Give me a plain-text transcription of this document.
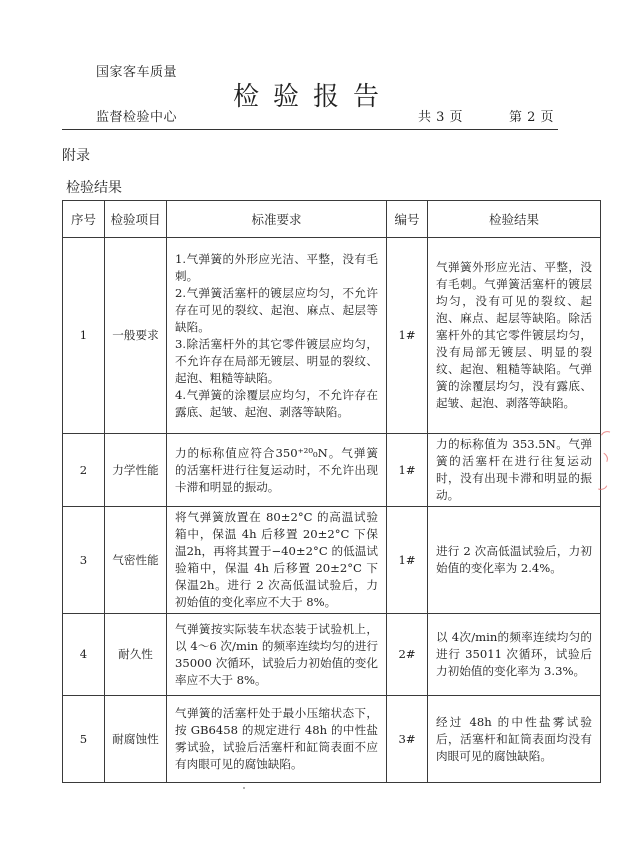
国家客车质量
检验报告
监督检验中心	共 3 页	第 2 页
附录
检验结果
序号	检验项目	标准要求	编号	检验结果
1	一般要求	1.气弹簧的外形应光洁、平整，没有毛刺。
2.气弹簧活塞杆的镀层应均匀，不允许存在可见的裂纹、起泡、麻点、起层等缺陷。
3.除活塞杆外的其它零件镀层应均匀，不允许存在局部无镀层、明显的裂纹、起泡、粗糙等缺陷。
4.气弹簧的涂覆层应均匀，不允许存在露底、起皱、起泡、剥落等缺陷。	1#	气弹簧外形应光洁、平整，没有毛刺。气弹簧活塞杆的镀层均匀，没有可见的裂纹、起泡、麻点、起层等缺陷。除活塞杆外的其它零件镀层均匀，没有局部无镀层、明显的裂纹、起泡、粗糙等缺陷。气弹簧的涂覆层均匀，没有露底、起皱、起泡、剥落等缺陷。
2	力学性能	力的标称值应符合350⁺²⁰₀N。气弹簧的活塞杆进行往复运动时，不允许出现卡滞和明显的振动。	1#	力的标称值为 353.5N。气弹簧的活塞杆在进行往复运动时，没有出现卡滞和明显的振动。
3	气密性能	将气弹簧放置在 80±2°C 的高温试验箱中，保温 4h 后移置 20±2°C 下保温2h，再将其置于−40±2°C 的低温试验箱中，保温 4h 后移置 20±2°C 下保温2h。进行 2 次高低温试验后，力初始值的变化率应不大于 8%。	1#	进行 2 次高低温试验后，力初始值的变化率为 2.4%。
4	耐久性	气弹簧按实际装车状态装于试验机上，以 4～6 次/min 的频率连续均匀的进行 35000 次循环，试验后力初始值的变化率应不大于 8%。	2#	以 4次/min的频率连续均匀的进行 35011 次循环，试验后力初始值的变化率为 3.3%。
5	耐腐蚀性	气弹簧的活塞杆处于最小压缩状态下，按 GB6458 的规定进行 48h 的中性盐雾试验，试验后活塞杆和缸筒表面不应有肉眼可见的腐蚀缺陷。	3#	经过 48h 的中性盐雾试验后，活塞杆和缸筒表面均没有肉眼可见的腐蚀缺陷。
◜
◝
◞
